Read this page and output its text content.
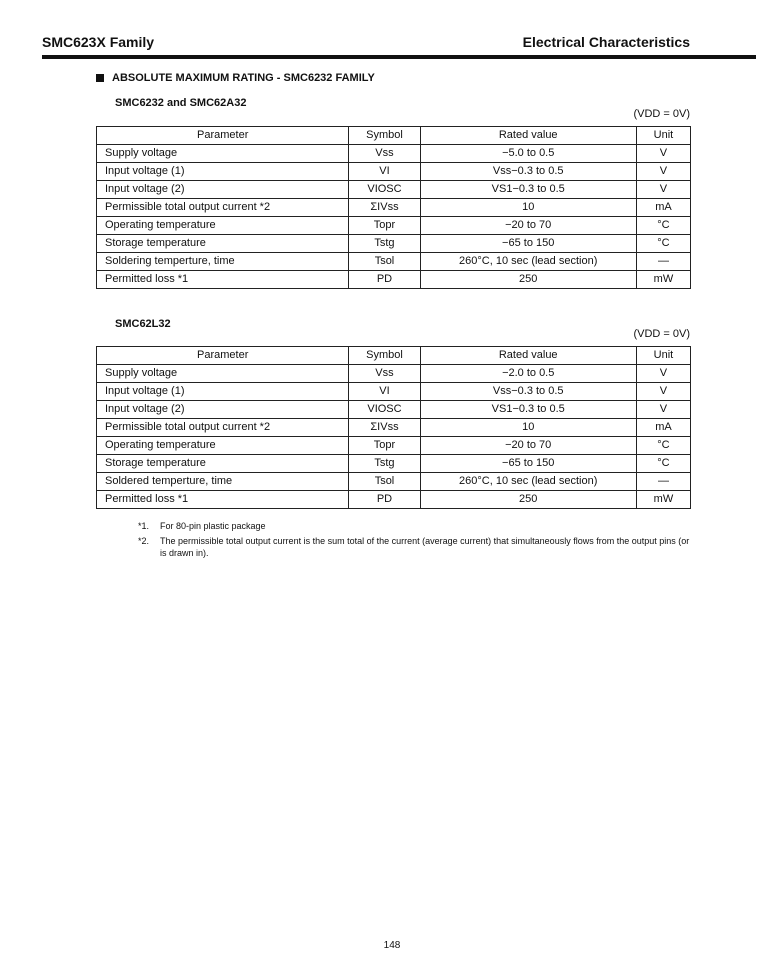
SMC623X Family	Electrical Characteristics
ABSOLUTE MAXIMUM RATING - SMC6232 FAMILY
SMC6232 and SMC62A32
(VDD = 0V)
Parameter	Symbol	Rated value	Unit
Supply voltage	Vss	−5.0 to 0.5	V
Input voltage (1)	VI	Vss−0.3 to 0.5	V
Input voltage (2)	VIOSC	VS1−0.3 to 0.5	V
Permissible total output current *2	ΣIVss	10	mA
Operating temperature	Topr	−20 to 70	°C
Storage temperature	Tstg	−65 to 150	°C
Soldering temperture, time	Tsol	260°C, 10 sec (lead section)	—
Permitted loss *1	PD	250	mW
SMC62L32
(VDD = 0V)
Parameter	Symbol	Rated value	Unit
Supply voltage	Vss	−2.0 to 0.5	V
Input voltage (1)	VI	Vss−0.3 to 0.5	V
Input voltage (2)	VIOSC	VS1−0.3 to 0.5	V
Permissible total output current *2	ΣIVss	10	mA
Operating temperature	Topr	−20 to 70	°C
Storage temperature	Tstg	−65 to 150	°C
Soldered temperture, time	Tsol	260°C, 10 sec (lead section)	—
Permitted loss *1	PD	250	mW
*1.	For 80-pin plastic package
*2.	The permissible total output current is the sum total of the current (average current) that simultaneously flows from the output pins (or is drawn in).
148
